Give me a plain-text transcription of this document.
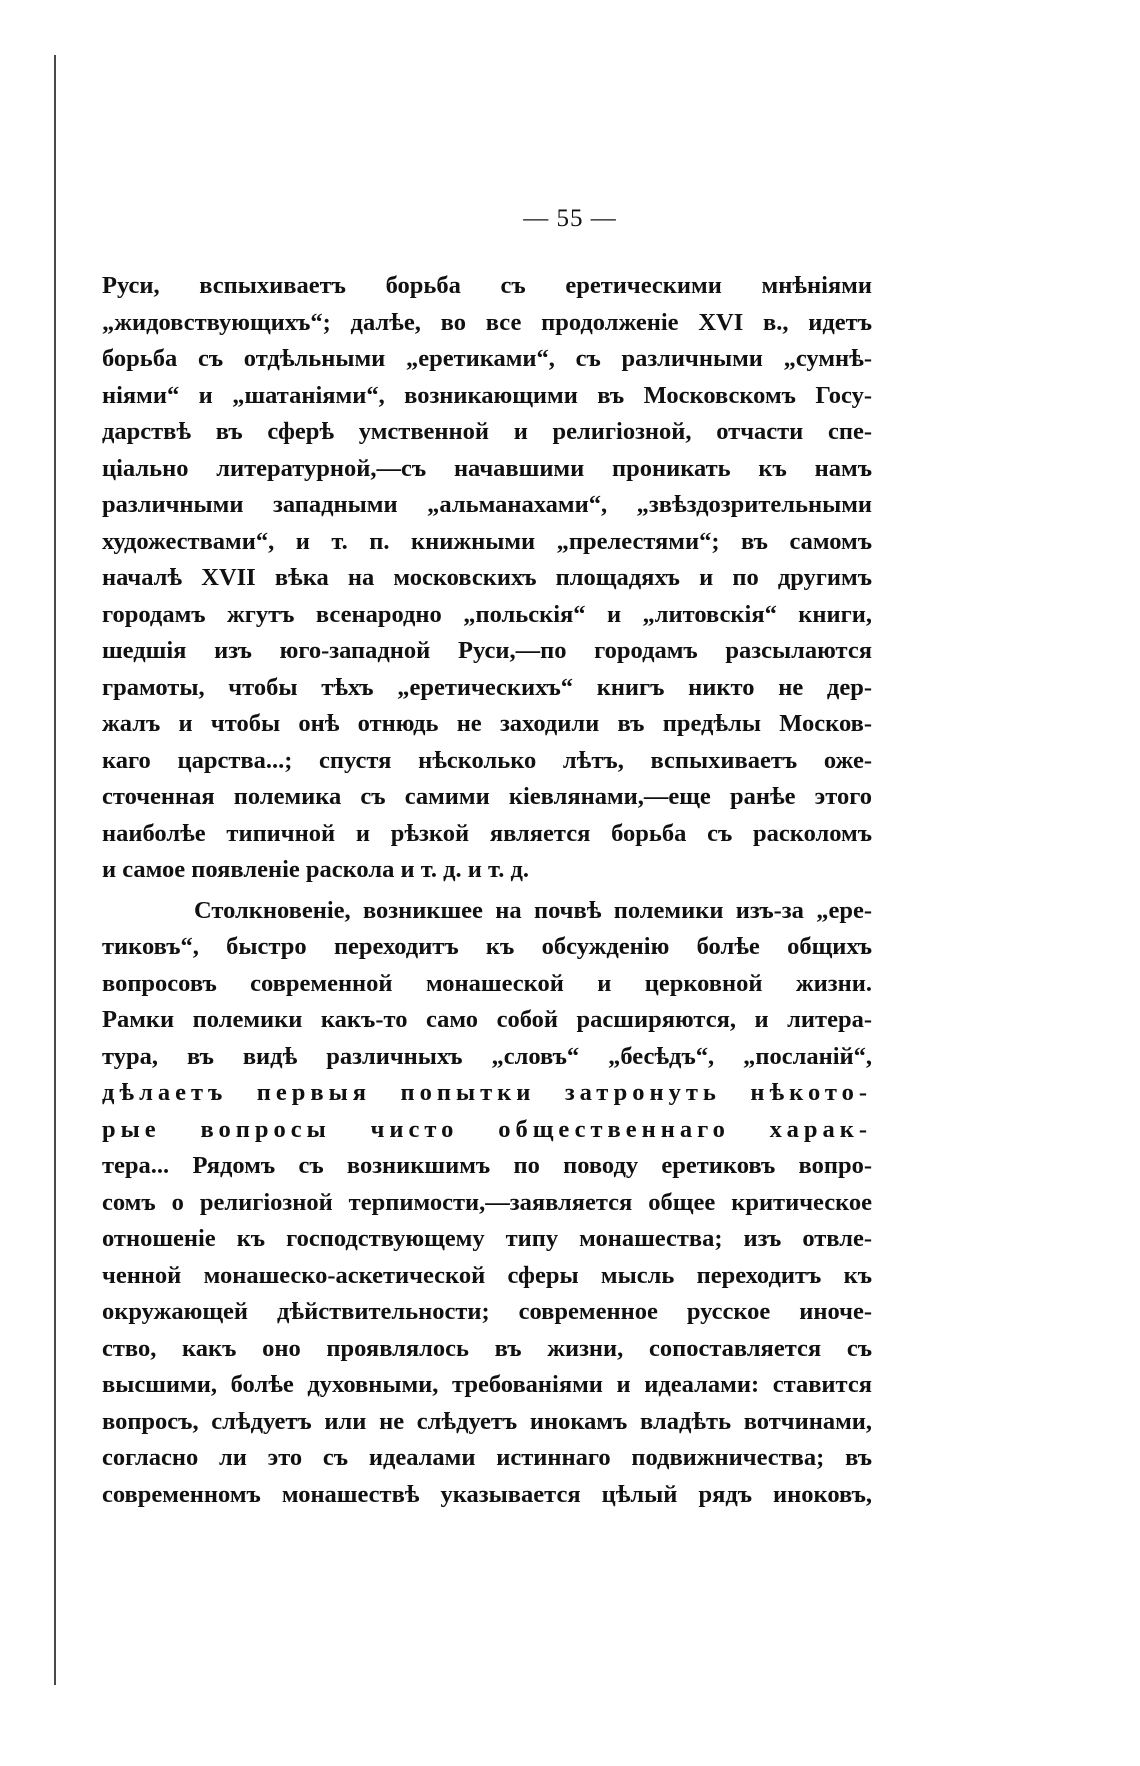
— 55 —
Руси, вспыхиваетъ борьба съ еретическими мнѣніями
„жидовствующихъ“; далѣе, во все продолженіе XVI в., идетъ
борьба съ отдѣльными „еретиками“, съ различными „сумнѣ-
ніями“ и „шатаніями“, возникающими въ Московскомъ Госу-
дарствѣ въ сферѣ умственной и религіозной, отчасти спе-
ціально литературной,—съ начавшими проникать къ намъ
различными западными „альманахами“, „звѣздозрительными
художествами“, и т. п. книжными „прелестями“; въ самомъ
началѣ XVII вѣка на московскихъ площадяхъ и по другимъ
городамъ жгутъ всенародно „польскія“ и „литовскія“ книги,
шедшія изъ юго-западной Руси,—по городамъ разсылаются
грамоты, чтобы тѣхъ „еретическихъ“ книгъ никто не дер-
жалъ и чтобы онѣ отнюдь не заходили въ предѣлы Москов-
каго царства...; спустя нѣсколько лѣтъ, вспыхиваетъ оже-
сточенная полемика съ самими кіевлянами,—еще ранѣе этого
наиболѣе типичной и рѣзкой является борьба съ расколомъ
и самое появленіе раскола и т. д. и т. д.
Столкновеніе, возникшее на почвѣ полемики изъ-за „ере-
тиковъ“, быстро переходитъ къ обсужденію болѣе общихъ
вопросовъ современной монашеской и церковной жизни.
Рамки полемики какъ-то само собой расширяются, и литера-
тура, въ видѣ различныхъ „словъ“ „бесѣдъ“, „посланій“,
дѣлаетъ первыя попытки затронуть нѣкото-
рые вопросы чисто общественнаго харак-
тера... Рядомъ съ возникшимъ по поводу еретиковъ вопро-
сомъ о религіозной терпимости,—заявляется общее критическое
отношеніе къ господствующему типу монашества; изъ отвле-
ченной монашеско-аскетической сферы мысль переходитъ къ
окружающей дѣйствительности; современное русское иноче-
ство, какъ оно проявлялось въ жизни, сопоставляется съ
высшими, болѣе духовными, требованіями и идеалами: ставится
вопросъ, слѣдуетъ или не слѣдуетъ инокамъ владѣть вотчинами,
согласно ли это съ идеалами истиннаго подвижничества; въ
современномъ монашествѣ указывается цѣлый рядъ иноковъ,
